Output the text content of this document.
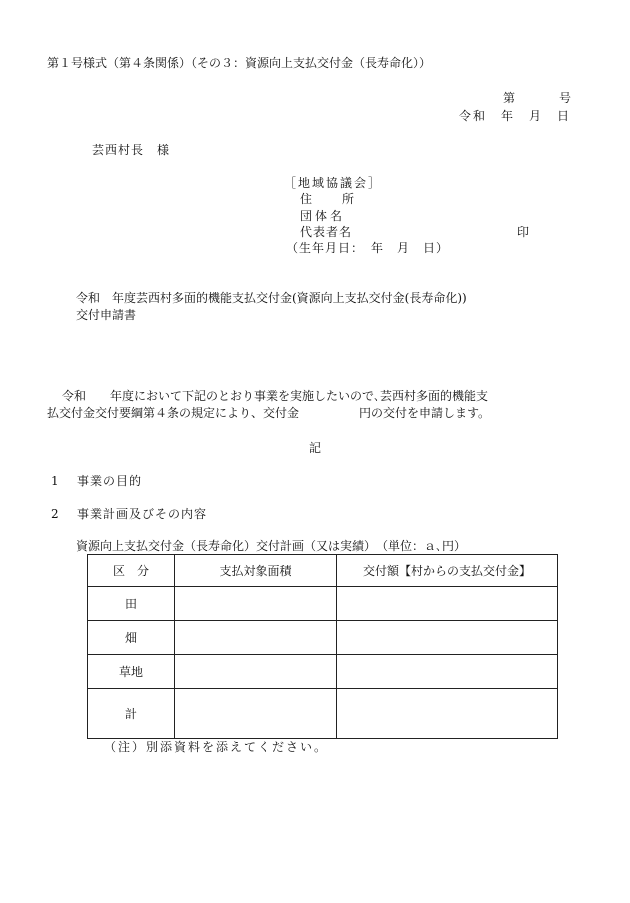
第１号様式（第４条関係）（その３：資源向上支払交付金（長寿命化））
第　　　号
令和　年　月　日
芸西村長　様
［地域協議会］
住　　所
団体名
代表者名	印
（生年月日：　年　月　日）
令和　年度芸西村多面的機能支払交付金(資源向上支払交付金(長寿命化))
交付申請書
令和　　年度において下記のとおり事業を実施したいので､芸西村多面的機能支
払交付金交付要綱第４条の規定により、交付金　　　　　円の交付を申請します。
記
1 事業の目的
2 事業計画及びその内容
資源向上支払交付金（長寿命化）交付計画（又は実績）　（単位：ａ､円）
区　分	支払対象面積	交付額【村からの支払交付金】
田		
畑		
草地		
計		
（注）別添資料を添えてください。
